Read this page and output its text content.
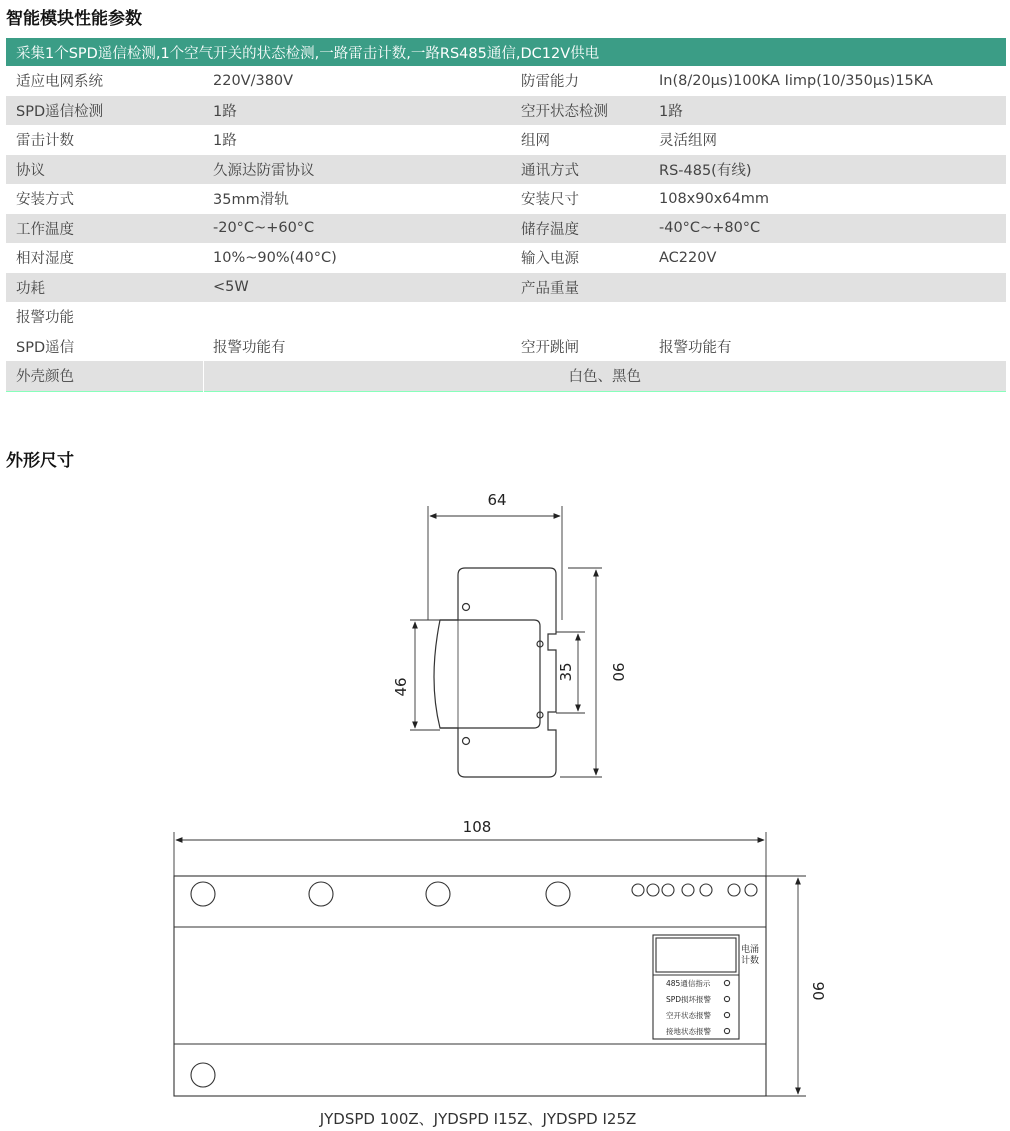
智能模块性能参数
采集1个SPD遥信检测,1个空气开关的状态检测,一路雷击计数,一路RS485通信,DC12V供电			
适应电网系统	220V/380V	防雷能力	In(8/20μs)100KA Iimp(10/350μs)15KA
SPD遥信检测	1路	空开状态检测	1路
雷击计数	1路	组网	灵活组网
协议	久源达防雷协议	通讯方式	RS-485(有线)
安装方式	35mm滑轨	安装尺寸	108x90x64mm
工作温度	-20°C~+60°C	储存温度	-40°C~+80°C
相对湿度	10%~90%(40°C)	输入电源	AC220V
功耗	<5W	产品重量	
报警功能			
SPD遥信	报警功能有	空开跳闸	报警功能有
外壳颜色	白色、黑色		
外形尺寸
64
46
35 90
108
90
电涌
计数
485通信指示
SPD损坏报警
空开状态报警
接地状态报警
JYDSPD 100Z、JYDSPD I15Z、JYDSPD I25Z
